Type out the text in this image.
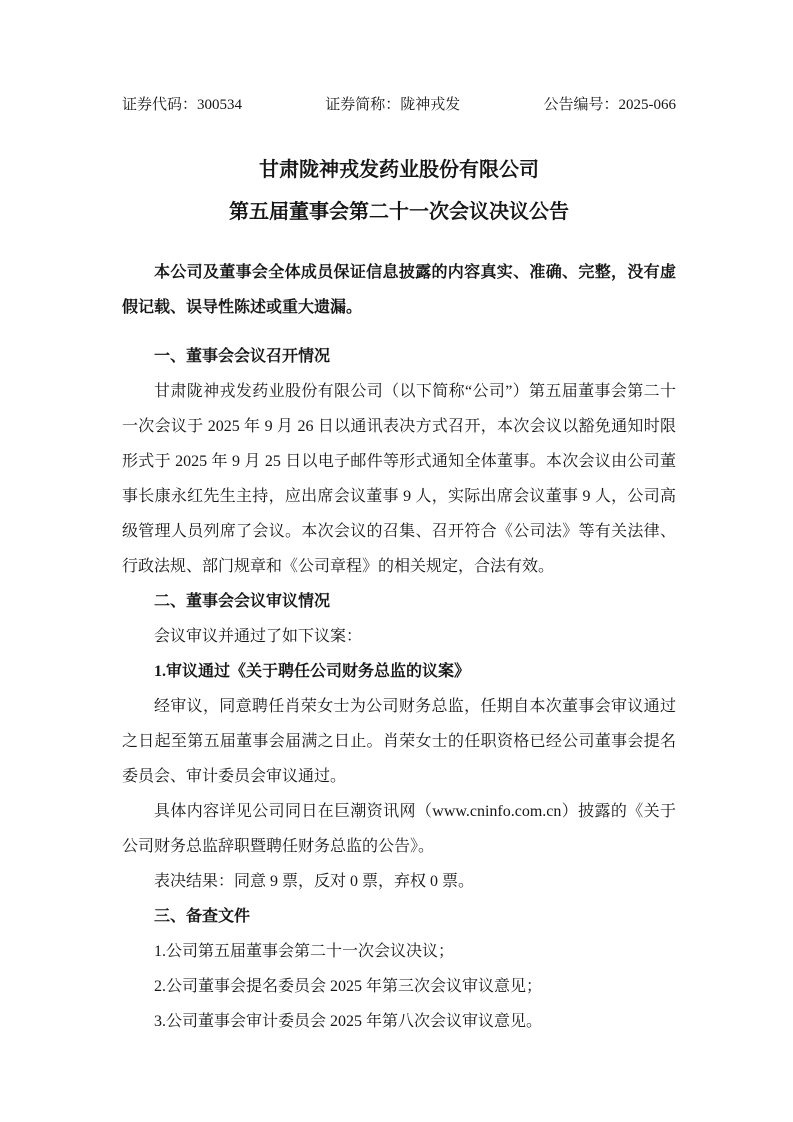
证券代码：300534	证券简称：陇神戎发	公告编号：2025-066
甘肃陇神戎发药业股份有限公司
第五届董事会第二十一次会议决议公告

本公司及董事会全体成员保证信息披露的内容真实、准确、完整，没有虚假记载、误导性陈述或重大遗漏。

一、董事会会议召开情况

甘肃陇神戎发药业股份有限公司（以下简称“公司”）第五届董事会第二十一次会议于 2025 年 9 月 26 日以通讯表决方式召开，本次会议以豁免通知时限形式于 2025 年 9 月 25 日以电子邮件等形式通知全体董事。本次会议由公司董事长康永红先生主持，应出席会议董事 9 人，实际出席会议董事 9 人，公司高级管理人员列席了会议。本次会议的召集、召开符合《公司法》等有关法律、行政法规、部门规章和《公司章程》的相关规定，合法有效。

二、董事会会议审议情况

会议审议并通过了如下议案：

1.审议通过《关于聘任公司财务总监的议案》

经审议，同意聘任肖荣女士为公司财务总监，任期自本次董事会审议通过之日起至第五届董事会届满之日止。肖荣女士的任职资格已经公司董事会提名委员会、审计委员会审议通过。

具体内容详见公司同日在巨潮资讯网（www.cninfo.com.cn）披露的《关于公司财务总监辞职暨聘任财务总监的公告》。

表决结果：同意 9 票，反对 0 票，弃权 0 票。

三、备查文件

1.公司第五届董事会第二十一次会议决议；

2.公司董事会提名委员会 2025 年第三次会议审议意见；

3.公司董事会审计委员会 2025 年第八次会议审议意见。
